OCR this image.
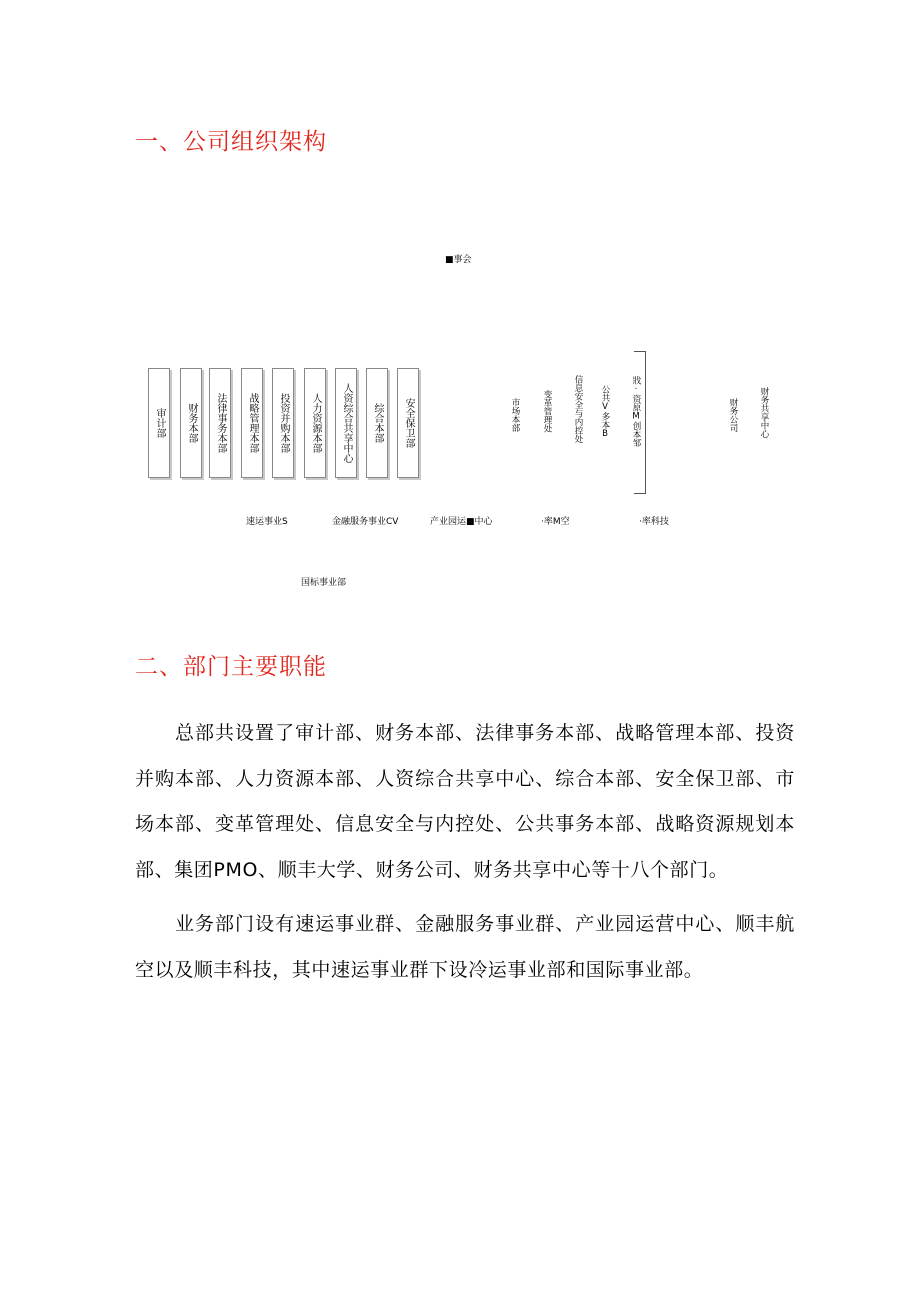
一、公司组织架构
■事会
审计部 财务本部 法律事务本部 战略管理本部 投资并购本部 人力资源本部 人资综合共享中心 综合本部 安全保卫部	市场本部	变革管理处 信息安全与内控处 公共V多本B 戕·资原M创本邹	财务公司 财务共享中心
速运事业S	金融服务事业CV	产业园运■中心	·率M空	·率科技
国标事业部
二、部门主要职能

总部共设置了审计部、财务本部、法律事务本部、战略管理本部、投资并购本部、人力资源本部、人资综合共享中心、综合本部、安全保卫部、市场本部、变革管理处、信息安全与内控处、公共事务本部、战略资源规划本部、集团PMO、顺丰大学、财务公司、财务共享中心等十八个部门。

业务部门设有速运事业群、金融服务事业群、产业园运营中心、顺丰航空以及顺丰科技，其中速运事业群下设冷运事业部和国际事业部。
